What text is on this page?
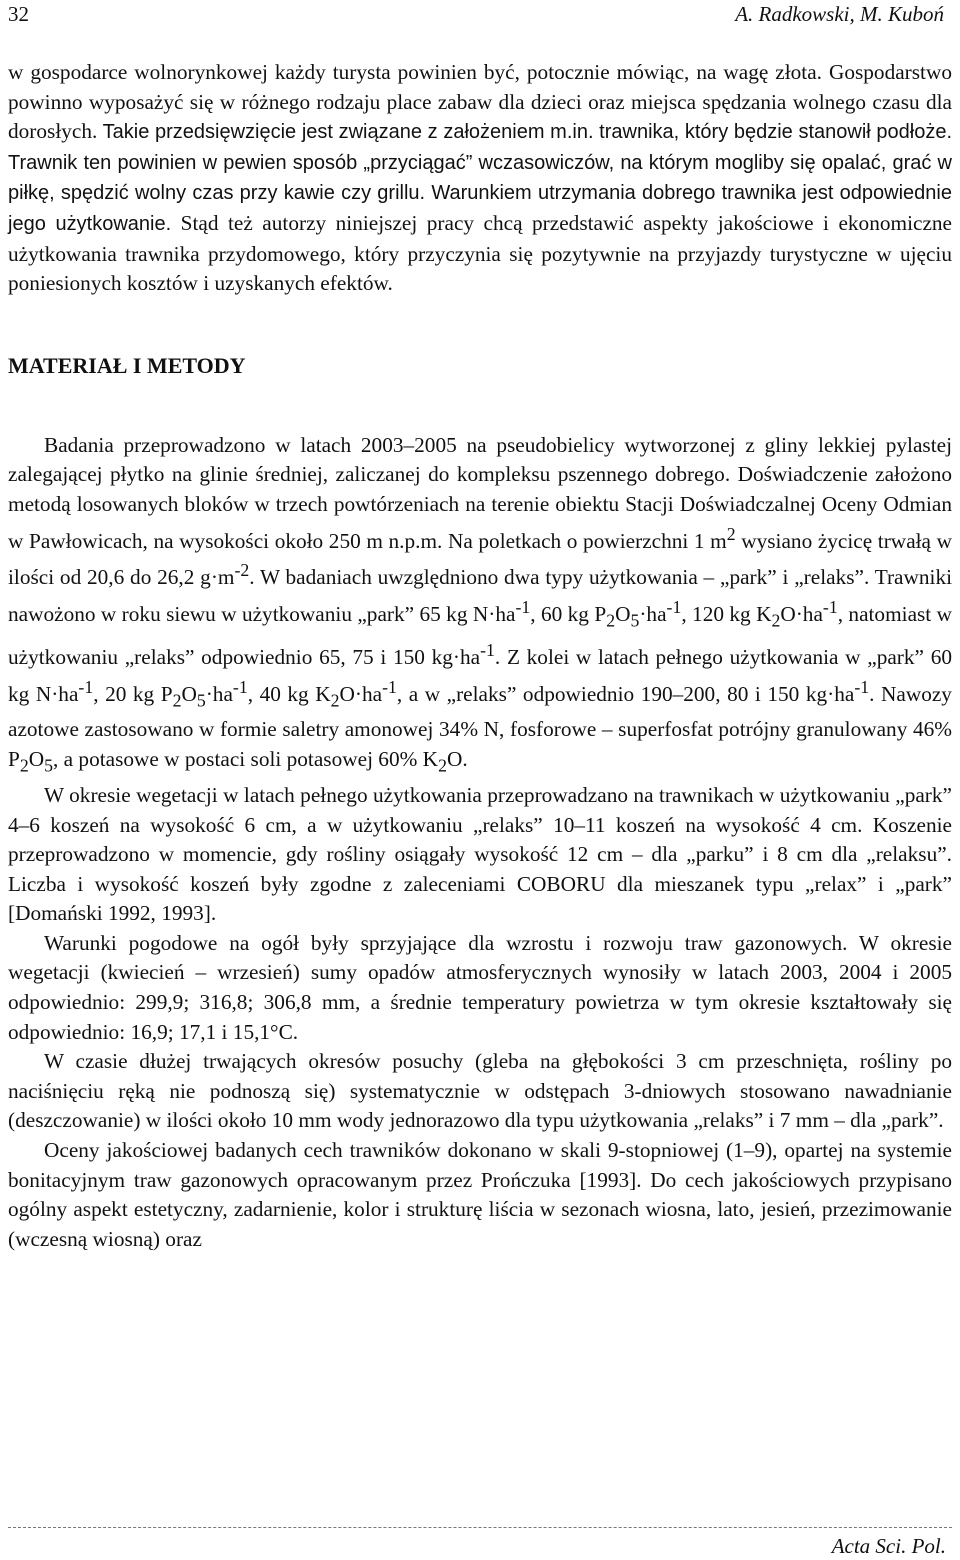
32	A. Radkowski, M. Kuboń

w gospodarce wolnorynkowej każdy turysta powinien być, potocznie mówiąc, na wagę złota. Gospodarstwo powinno wyposażyć się w różnego rodzaju place zabaw dla dzieci oraz miejsca spędzania wolnego czasu dla dorosłych. Takie przedsięwzięcie jest związane z założeniem m.in. trawnika, który będzie stanowił podłoże. Trawnik ten powinien w pewien sposób „przyciągać” wczasowiczów, na którym mogliby się opalać, grać w piłkę, spędzić wolny czas przy kawie czy grillu. Warunkiem utrzymania dobrego trawnika jest odpowiednie jego użytkowanie. Stąd też autorzy niniejszej pracy chcą przedstawić aspekty jakościowe i ekonomiczne użytkowania trawnika przydomowego, który przyczynia się pozytywnie na przyjazdy turystyczne w ujęciu poniesionych kosztów i uzyskanych efektów.

MATERIAŁ I METODY

Badania przeprowadzono w latach 2003–2005 na pseudobielicy wytworzonej z gliny lekkiej pylastej zalegającej płytko na glinie średniej, zaliczanej do kompleksu pszennego dobrego. Doświadczenie założono metodą losowanych bloków w trzech powtórzeniach na terenie obiektu Stacji Doświadczalnej Oceny Odmian w Pawłowicach, na wysokości około 250 m n.p.m. Na poletkach o powierzchni 1 $m^2$ wysiano życicę trwałą w ilości od 20,6 do 26,2 $g\cdot m^{-2}$. W badaniach uwzględniono dwa typy użytkowania – „park” i „relaks”. Trawniki nawożono w roku siewu w użytkowaniu „park” 65 kg $N\cdot ha^{-1}$, 60 kg $P_2O_5\cdot ha^{-1}$, 120 kg $K_2O\cdot ha^{-1}$, natomiast w użytkowaniu „relaks” odpowiednio 65, 75 i 150 $kg\cdot ha^{-1}$. Z kolei w latach pełnego użytkowania w „park” 60 kg $N\cdot ha^{-1}$, 20 kg $P_2O_5\cdot ha^{-1}$, 40 kg $K_2O\cdot ha^{-1}$, a w „relaks” odpowiednio 190–200, 80 i 150 $kg\cdot ha^{-1}$. Nawozy azotowe zastosowano w formie saletry amonowej 34% N, fosforowe – superfosfat potrójny granulowany 46% $P_2O_5$, a potasowe w postaci soli potasowej 60% $K_2O$.

W okresie wegetacji w latach pełnego użytkowania przeprowadzano na trawnikach w użytkowaniu „park” 4–6 koszeń na wysokość 6 cm, a w użytkowaniu „relaks” 10–11 koszeń na wysokość 4 cm. Koszenie przeprowadzono w momencie, gdy rośliny osiągały wysokość 12 cm – dla „parku” i 8 cm dla „relaksu”. Liczba i wysokość koszeń były zgodne z zaleceniami COBORU dla mieszanek typu „relax” i „park” [Domański 1992, 1993].

Warunki pogodowe na ogół były sprzyjające dla wzrostu i rozwoju traw gazonowych. W okresie wegetacji (kwiecień – wrzesień) sumy opadów atmosferycznych wynosiły w latach 2003, 2004 i 2005 odpowiednio: 299,9; 316,8; 306,8 mm, a średnie temperatury powietrza w tym okresie kształtowały się odpowiednio: 16,9; 17,1 i 15,1°C.

W czasie dłużej trwających okresów posuchy (gleba na głębokości 3 cm przeschnięta, rośliny po naciśnięciu ręką nie podnoszą się) systematycznie w odstępach 3-dniowych stosowano nawadnianie (deszczowanie) w ilości około 10 mm wody jednorazowo dla typu użytkowania „relaks” i 7 mm – dla „park”.

Oceny jakościowej badanych cech trawników dokonano w skali 9-stopniowej (1–9), opartej na systemie bonitacyjnym traw gazonowych opracowanym przez Prończuka [1993]. Do cech jakościowych przypisano ogólny aspekt estetyczny, zadarnienie, kolor i strukturę liścia w sezonach wiosna, lato, jesień, przezimowanie (wczesną wiosną) oraz

Acta Sci. Pol.
